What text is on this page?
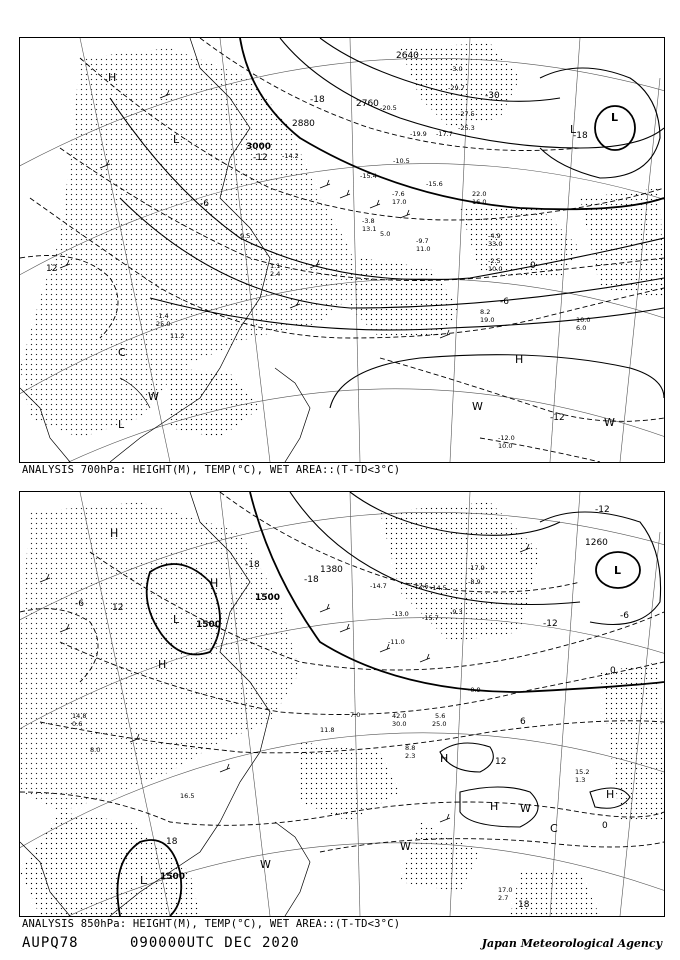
-14.2
-15.4
-19.9 -17.7
-10.5
-15.6
22.0
16.0
-3.8
13.1
-4.9
33.0
-2.5
10.0
-3.0
-29.7
-27.5
-25.3
8.2
19.0	10.0
6.0
-12.0
10.0
5.0
-9.7
11.0
-7.6
17.0
-20.5
9.5
1.1
2.4
-1.4
25.0
11.2
3000
2880
2760
2640
0
-6
-12
-18
-30
12
-6
-12
-18
H
L
L
H
C
W
W
W
L
L
ANALYSIS 700hPa: HEIGHT(M), TEMP(°C), WET AREA::(T-TD<3°C)
-14.7	-12.5 -14.5
-15.7
-17.9
-13.0
-11.0
-9.3
-8.9
15.2
1.3
14.8
0.6
17.0
2.7
-0.9
7.0	42.0
30.0	25.0
8.8
2.3
5.6
16.5
11.8
8.0
1500
1500
1380
1260
1500
-18
-12
-6
0
6
12
18
-12
-18
-6
0
12
18
H
H
L
H
L
H
H W
H
C
W
W
L
ANALYSIS 850hPa: HEIGHT(M), TEMP(°C), WET AREA::(T-TD<3°C)
AUPQ78	090000UTC DEC 2020	Japan Meteorological Agency
